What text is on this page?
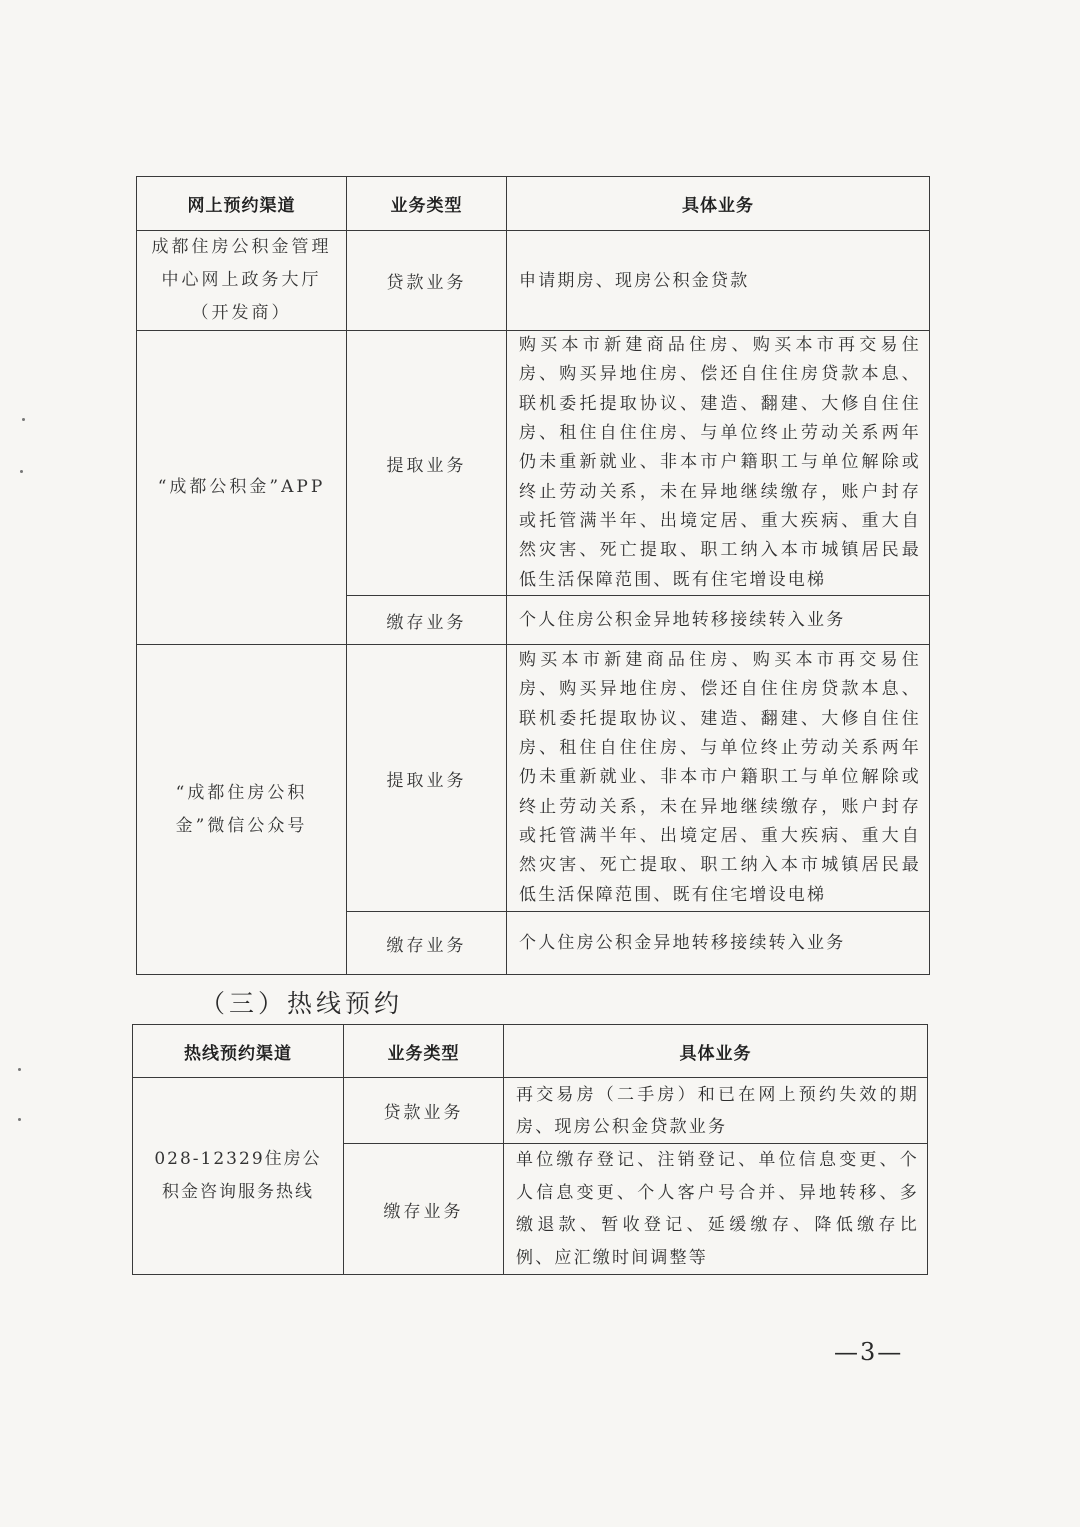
网上预约渠道	业务类型	具体业务
成都住房公积金管理中心网上政务大厅（开发商）	贷款业务	申请期房、现房公积金贷款
“成都公积金”APP	提取业务	购买本市新建商品住房、购买本市再交易住房、购买异地住房、偿还自住住房贷款本息、联机委托提取协议、建造、翻建、大修自住住房、租住自住住房、与单位终止劳动关系两年仍未重新就业、非本市户籍职工与单位解除或终止劳动关系，未在异地继续缴存，账户封存或托管满半年、出境定居、重大疾病、重大自然灾害、死亡提取、职工纳入本市城镇居民最低生活保障范围、既有住宅增设电梯
	缴存业务	个人住房公积金异地转移接续转入业务
“成都住房公积金”微信公众号	提取业务	购买本市新建商品住房、购买本市再交易住房、购买异地住房、偿还自住住房贷款本息、联机委托提取协议、建造、翻建、大修自住住房、租住自住住房、与单位终止劳动关系两年仍未重新就业、非本市户籍职工与单位解除或终止劳动关系，未在异地继续缴存，账户封存或托管满半年、出境定居、重大疾病、重大自然灾害、死亡提取、职工纳入本市城镇居民最低生活保障范围、既有住宅增设电梯
	缴存业务	个人住房公积金异地转移接续转入业务
（三）热线预约
热线预约渠道	业务类型	具体业务
028-12329住房公积金咨询服务热线	贷款业务	再交易房（二手房）和已在网上预约失效的期房、现房公积金贷款业务
	缴存业务	单位缴存登记、注销登记、单位信息变更、个人信息变更、个人客户号合并、异地转移、多缴退款、暂收登记、延缓缴存、降低缴存比例、应汇缴时间调整等
—3—
